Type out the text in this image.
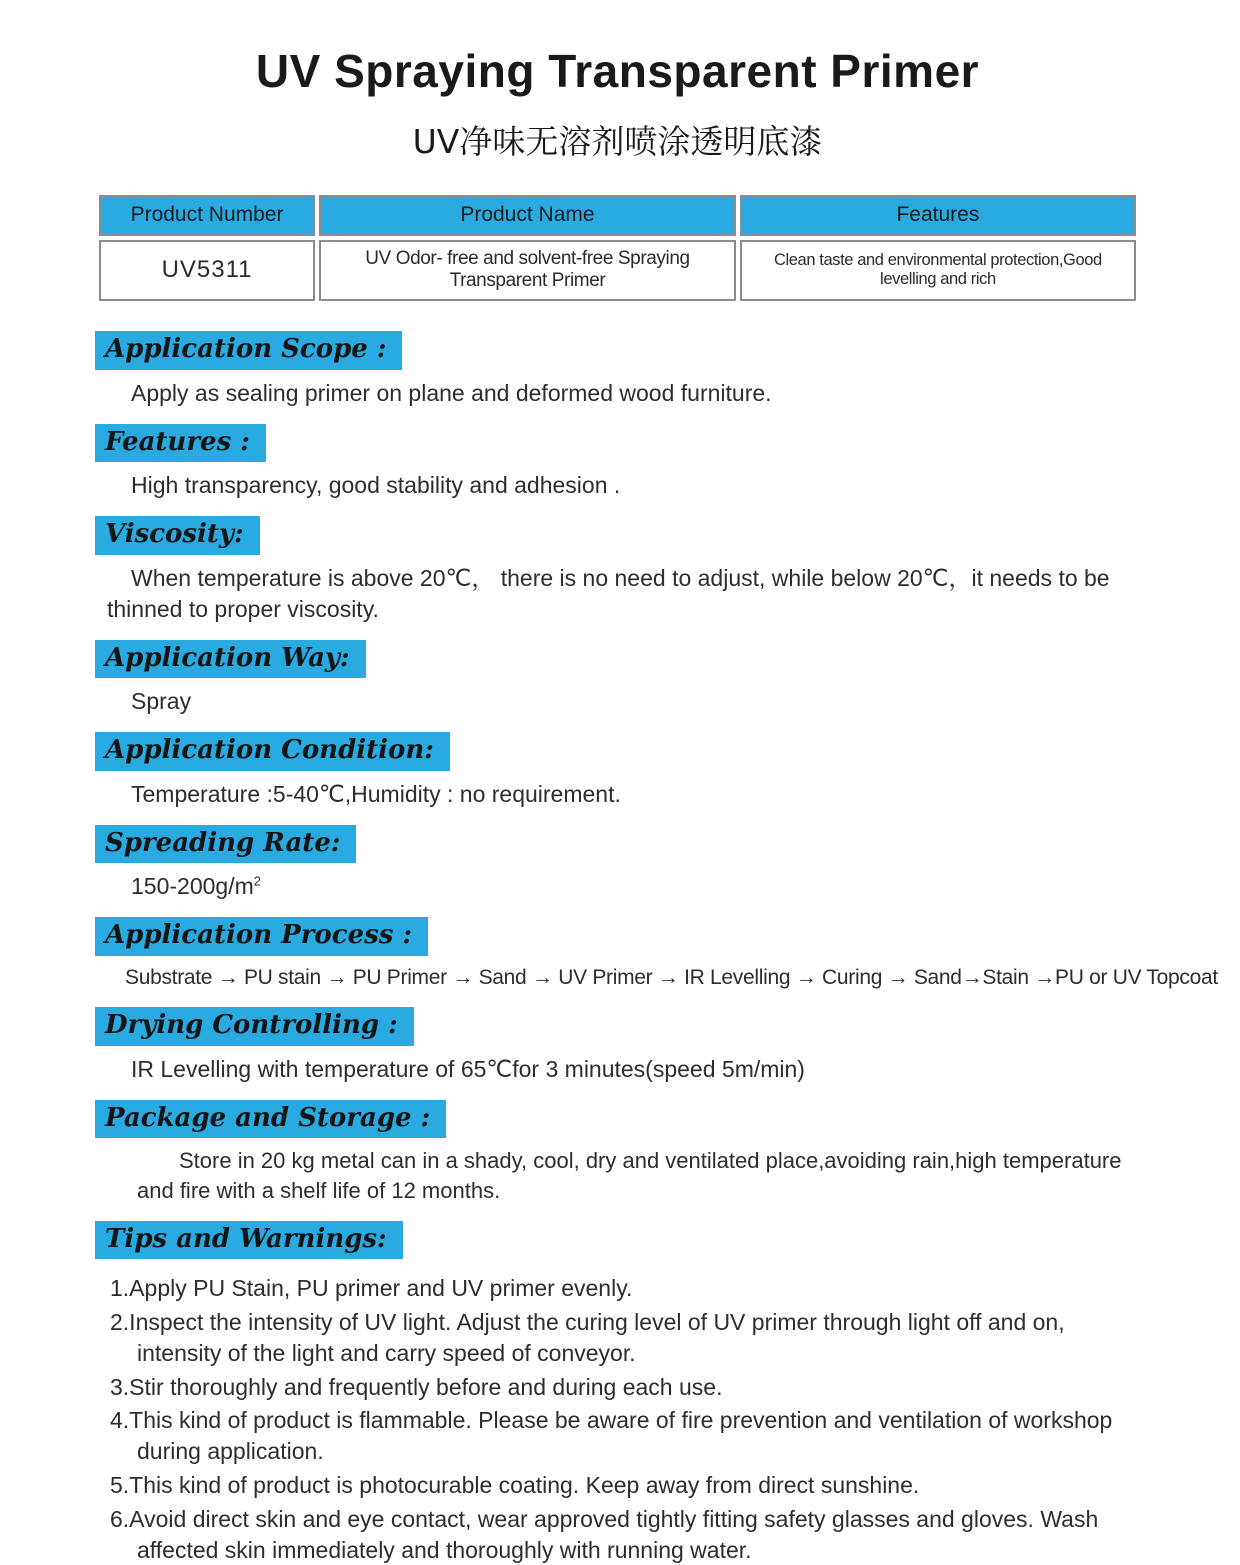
UV Spraying Transparent Primer
UV净味无溶剂喷涂透明底漆
Product Number	Product Name	Features
UV5311	UV Odor- free and solvent-free Spraying Transparent Primer	Clean taste and environmental protection,Good levelling and rich
Application Scope :

Apply as sealing primer on plane and deformed wood furniture.

Features :

High transparency, good stability and adhesion .

Viscosity:

When temperature is above 20℃， there is no need to adjust, while below 20℃，it needs to be thinned to proper viscosity.

Application Way:

Spray

Application Condition:

Temperature :5-40℃,Humidity : no requirement.

Spreading Rate:

$150-200g/m^2$

Application Process :

Substrate → PU stain → PU Primer → Sand → UV Primer → IR Levelling → Curing → Sand→Stain →PU or UV Topcoat

Drying Controlling :

IR Levelling with temperature of 65℃for 3 minutes(speed 5m/min)

Package and Storage :

Store in 20 kg metal can in a shady, cool, dry and ventilated place,avoiding rain,high temperature and fire with a shelf life of 12 months.

Tips and Warnings:

1.Apply PU Stain, PU primer and UV primer evenly.

2.Inspect the intensity of UV light. Adjust the curing level of UV primer through light off and on, intensity of the light and carry speed of conveyor.

3.Stir thoroughly and frequently before and during each use.

4.This kind of product is flammable. Please be aware of fire prevention and ventilation of workshop during application.

5.This kind of product is photocurable coating. Keep away from direct sunshine.

6.Avoid direct skin and eye contact, wear approved tightly fitting safety glasses and gloves. Wash affected skin immediately and thoroughly with running water.
